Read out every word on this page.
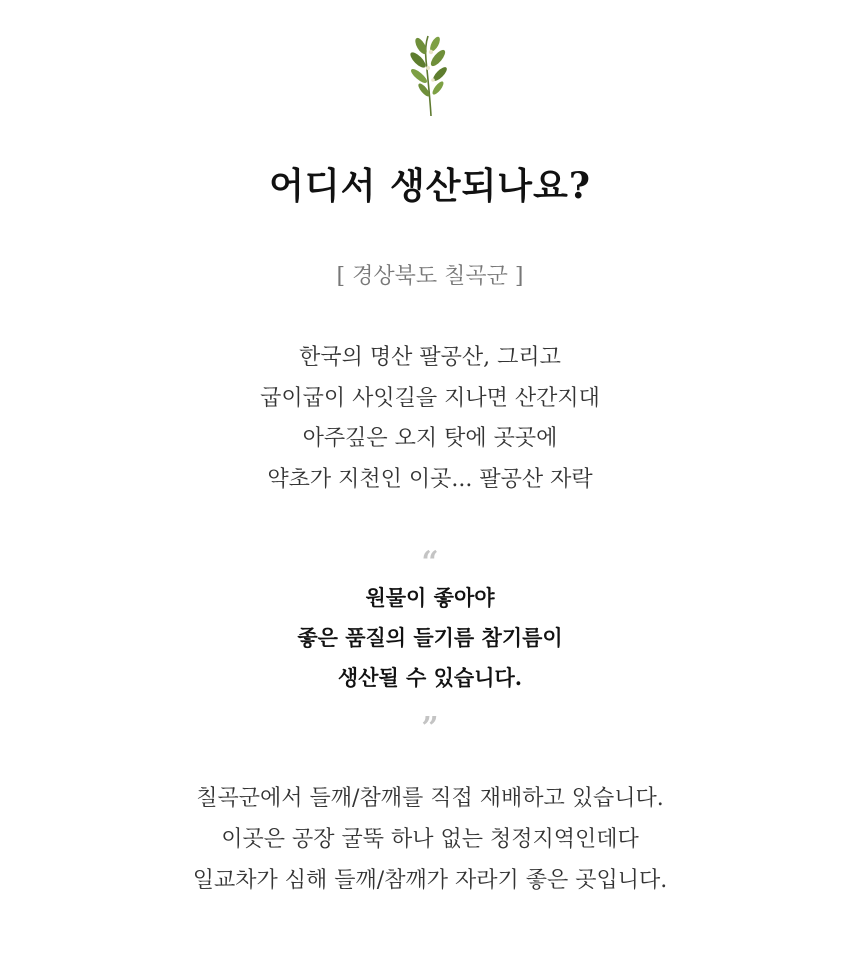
어디서 생산되나요?
[ 경상북도 칠곡군 ]
한국의 명산 팔공산, 그리고
굽이굽이 사잇길을 지나면 산간지대
아주깊은 오지 탓에 곳곳에
약초가 지천인 이곳... 팔공산 자락
“
원물이 좋아야
좋은 품질의 들기름 참기름이
생산될 수 있습니다.
”
칠곡군에서 들깨/참깨를 직접 재배하고 있습니다.
이곳은 공장 굴뚝 하나 없는 청정지역인데다
일교차가 심해 들깨/참깨가 자라기 좋은 곳입니다.
